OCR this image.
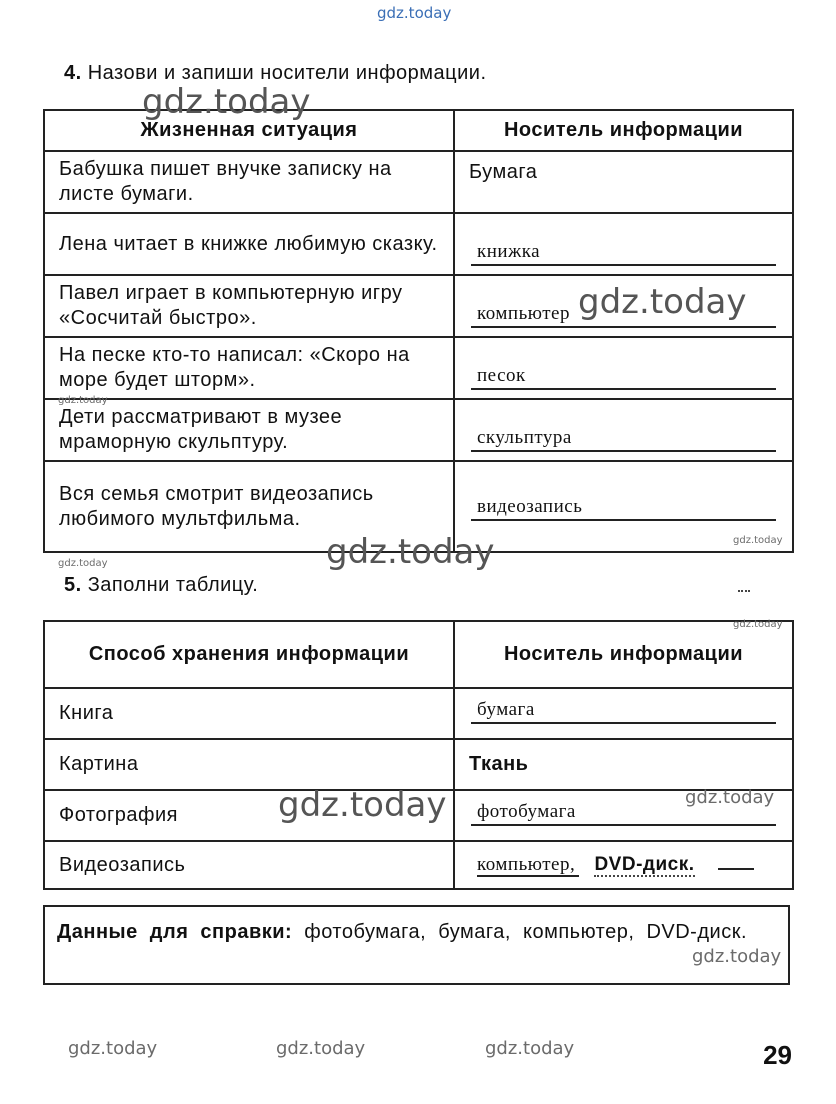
gdz.today
4. Назови и запиши носители информации.
Жизненная ситуация	Носитель информации
Бабушка пишет внучке записку на листе бумаги.	Бумага
Лена читает в книжке любимую сказку.	книжка

Павел играет в компьютерную игру «Сосчитай быстро».	компьютер

На песке кто-то написал: «Скоро на море будет шторм».	песок

Дети рассматривают в музее мраморную скульптуру.	скульптура

Вся семья смотрит видеозапись любимого мультфильма.	видеозапись
5. Заполни таблицу.
Способ хранения информации	Носитель информации
Книга	бумага

Картина	Ткань
Фотография	фотобумага

Видеозапись	компьютер, DVD-диск.
Данные для справки: фотобумага, бумага, компьютер, DVD-диск.
29
gdz.today
gdz.today
gdz.today
gdz.today
gdz.today
gdz.today
gdz.today
gdz.today
gdz.today
gdz.today
gdz.today	gdz.today	gdz.today
